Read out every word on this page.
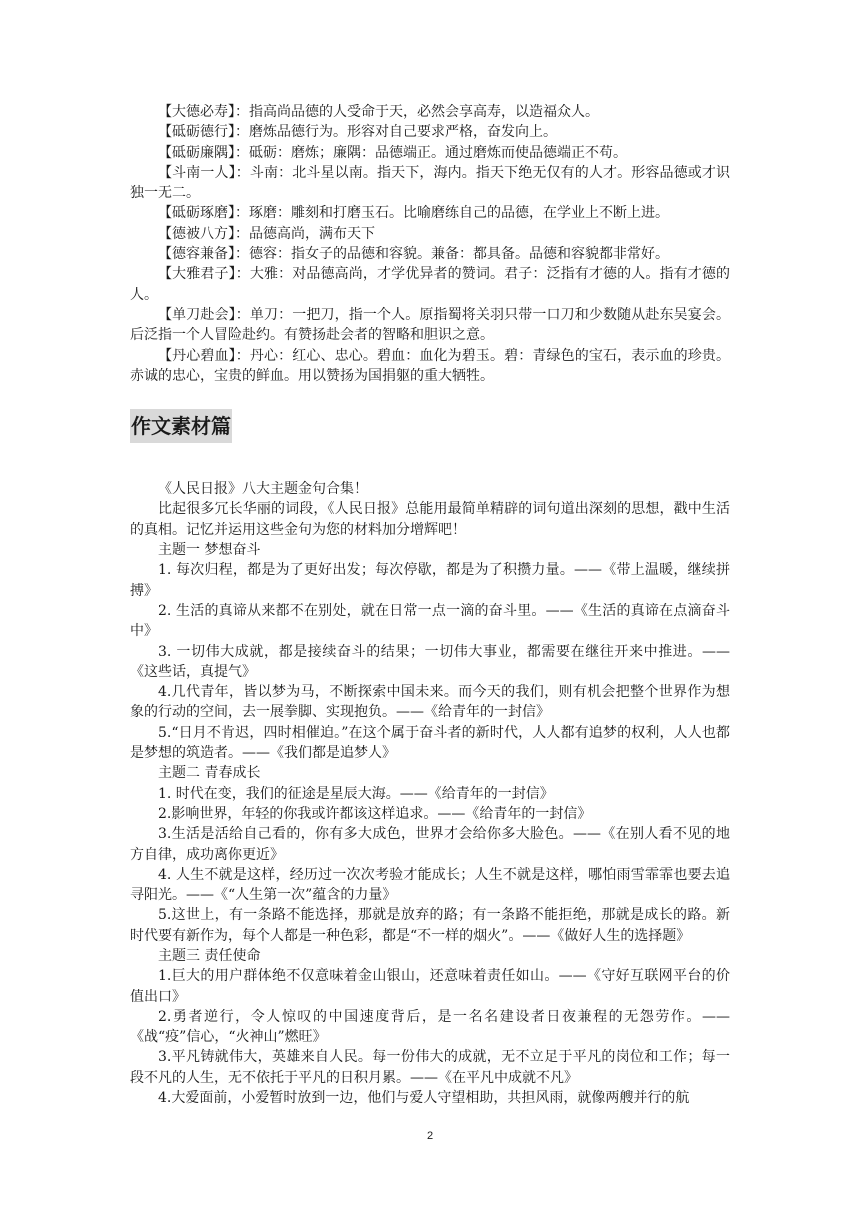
【大德必寿】：指高尚品德的人受命于天，必然会享高寿，以造福众人。

【砥砺德行】：磨炼品德行为。形容对自己要求严格，奋发向上。

【砥砺廉隅】：砥砺：磨炼；廉隅：品德端正。通过磨炼而使品德端正不苟。

【斗南一人】：斗南：北斗星以南。指天下，海内。指天下绝无仅有的人才。形容品德或才识独一无二。

【砥砺琢磨】：琢磨：雕刻和打磨玉石。比喻磨练自己的品德，在学业上不断上进。

【德被八方】：品德高尚，满布天下

【德容兼备】：德容：指女子的品德和容貌。兼备：都具备。品德和容貌都非常好。

【大雅君子】：大雅：对品德高尚，才学优异者的赞词。君子：泛指有才德的人。指有才德的人。

【单刀赴会】：单刀：一把刀，指一个人。原指蜀将关羽只带一口刀和少数随从赴东吴宴会。后泛指一个人冒险赴约。有赞扬赴会者的智略和胆识之意。

【丹心碧血】：丹心：红心、忠心。碧血：血化为碧玉。碧：青绿色的宝石，表示血的珍贵。赤诚的忠心，宝贵的鲜血。用以赞扬为国捐躯的重大牺牲。

作文素材篇

《人民日报》八大主题金句合集！

比起很多冗长华丽的词段，《人民日报》总能用最简单精辟的词句道出深刻的思想，戳中生活的真相。记忆并运用这些金句为您的材料加分增辉吧！

主题一 梦想奋斗

1. 每次归程，都是为了更好出发；每次停歇，都是为了积攒力量。——《带上温暖，继续拼搏》

2. 生活的真谛从来都不在别处，就在日常一点一滴的奋斗里。——《生活的真谛在点滴奋斗中》

3. 一切伟大成就，都是接续奋斗的结果；一切伟大事业，都需要在继往开来中推进。——《这些话，真提气》

4.几代青年，皆以梦为马，不断探索中国未来。而今天的我们，则有机会把整个世界作为想象的行动的空间，去一展拳脚、实现抱负。——《给青年的一封信》

5.“日月不肯迟，四时相催迫。”在这个属于奋斗者的新时代，人人都有追梦的权利，人人也都是梦想的筑造者。——《我们都是追梦人》

主题二 青春成长

1. 时代在变，我们的征途是星辰大海。——《给青年的一封信》

2.影响世界，年轻的你我或许都该这样追求。——《给青年的一封信》

3.生活是活给自己看的，你有多大成色，世界才会给你多大脸色。——《在别人看不见的地方自律，成功离你更近》

4. 人生不就是这样，经历过一次次考验才能成长；人生不就是这样，哪怕雨雪霏霏也要去追寻阳光。——《“人生第一次”蕴含的力量》

5.这世上，有一条路不能选择，那就是放弃的路；有一条路不能拒绝，那就是成长的路。新时代要有新作为，每个人都是一种色彩，都是“不一样的烟火”。——《做好人生的选择题》

主题三 责任使命

1.巨大的用户群体绝不仅意味着金山银山，还意味着责任如山。——《守好互联网平台的价值出口》

2.勇者逆行，令人惊叹的中国速度背后，是一名名建设者日夜兼程的无怨劳作。——《战“疫”信心，“火神山”燃旺》

3.平凡铸就伟大，英雄来自人民。每一份伟大的成就，无不立足于平凡的岗位和工作；每一段不凡的人生，无不依托于平凡的日积月累。——《在平凡中成就不凡》

4.大爱面前，小爱暂时放到一边，他们与爱人守望相助，共担风雨，就像两艘并行的航

2
